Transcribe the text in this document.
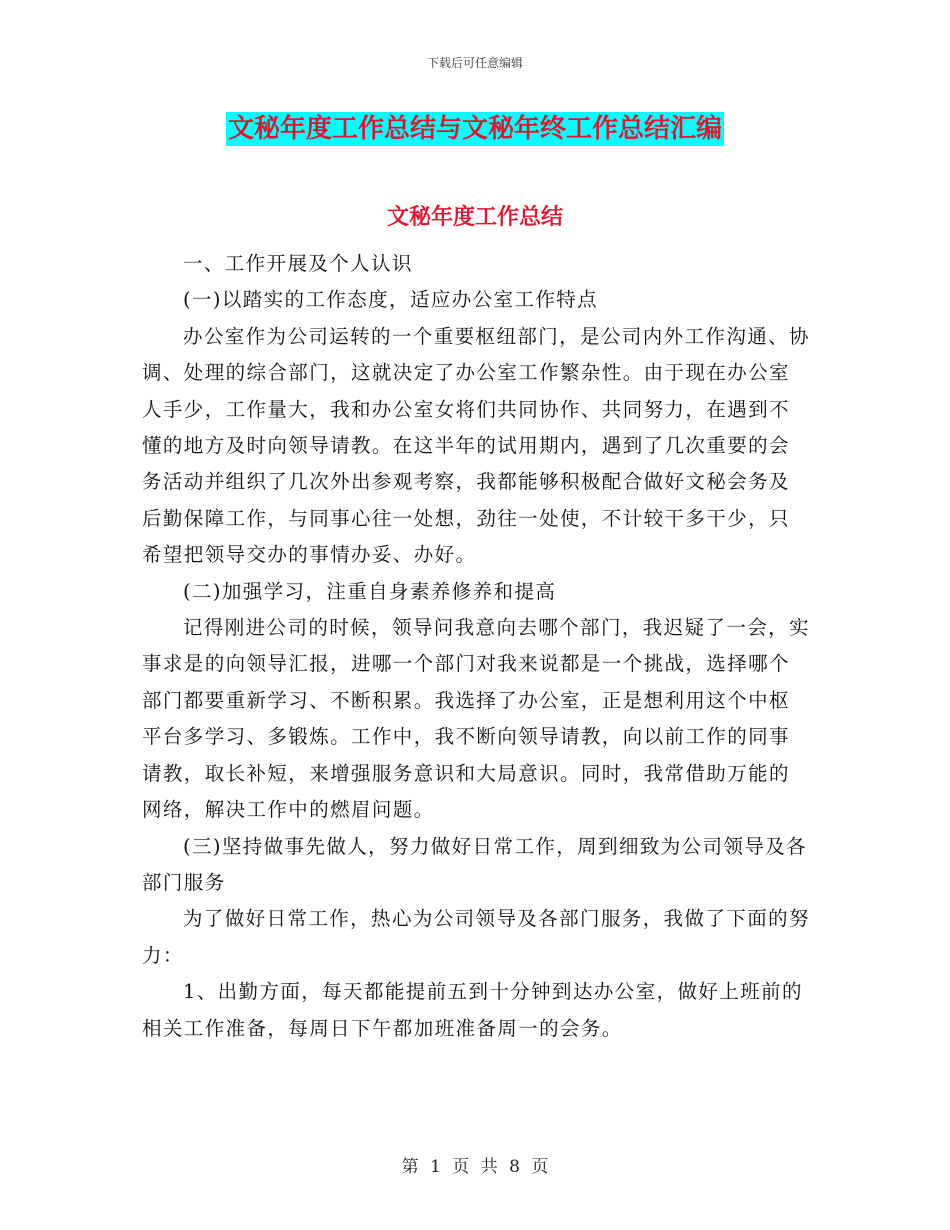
下载后可任意编辑
文秘年度工作总结与文秘年终工作总结汇编
文秘年度工作总结

一、工作开展及个人认识

(一)以踏实的工作态度，适应办公室工作特点

办公室作为公司运转的一个重要枢纽部门，是公司内外工作沟通、协调、处理的综合部门，这就决定了办公室工作繁杂性。由于现在办公室人手少，工作量大，我和办公室女将们共同协作、共同努力，在遇到不懂的地方及时向领导请教。在这半年的试用期内，遇到了几次重要的会务活动并组织了几次外出参观考察，我都能够积极配合做好文秘会务及后勤保障工作，与同事心往一处想，劲往一处使，不计较干多干少，只希望把领导交办的事情办妥、办好。

(二)加强学习，注重自身素养修养和提高

记得刚进公司的时候，领导问我意向去哪个部门，我迟疑了一会，实事求是的向领导汇报，进哪一个部门对我来说都是一个挑战，选择哪个部门都要重新学习、不断积累。我选择了办公室，正是想利用这个中枢平台多学习、多锻炼。工作中，我不断向领导请教，向以前工作的同事请教，取长补短，来增强服务意识和大局意识。同时，我常借助万能的网络，解决工作中的燃眉问题。

(三)坚持做事先做人，努力做好日常工作，周到细致为公司领导及各部门服务

为了做好日常工作，热心为公司领导及各部门服务，我做了下面的努力：

1、出勤方面，每天都能提前五到十分钟到达办公室，做好上班前的相关工作准备，每周日下午都加班准备周一的会务。

第 1 页 共 8 页
